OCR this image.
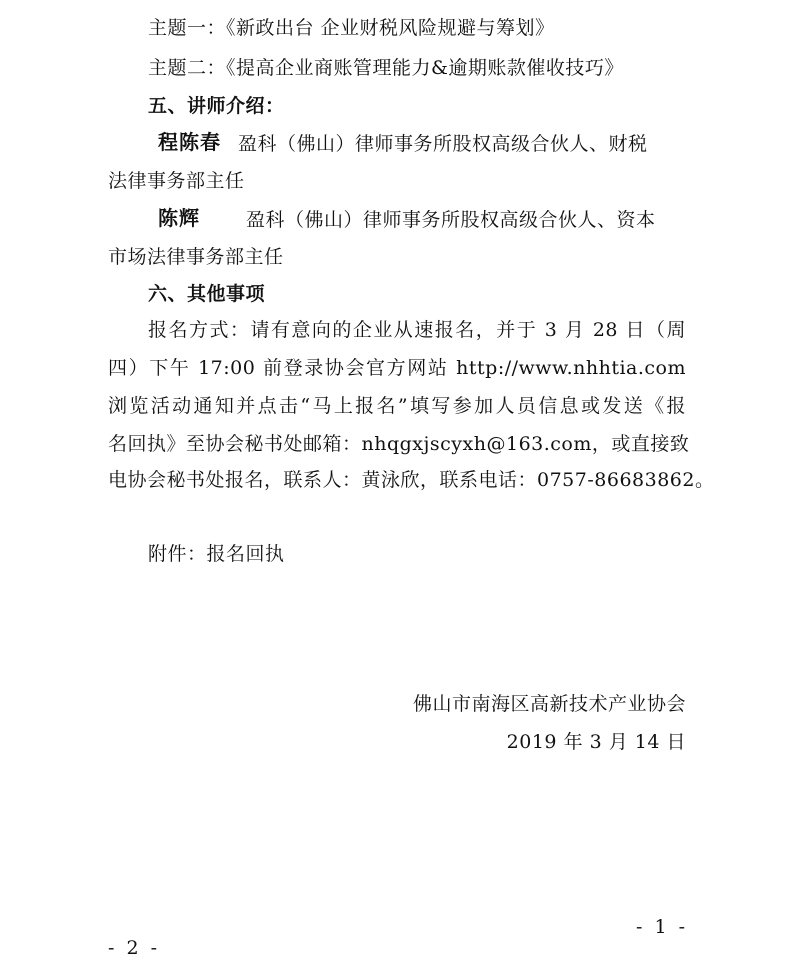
主题一：《新政出台 企业财税风险规避与筹划》
主题二：《提高企业商账管理能力&逾期账款催收技巧》
五、讲师介绍：
程陈春 盈科（佛山）律师事务所股权高级合伙人、财税
法律事务部主任
陈辉 盈科（佛山）律师事务所股权高级合伙人、资本
市场法律事务部主任
六、其他事项
报名方式：请有意向的企业从速报名，并于 3 月 28 日（周
四）下午 17:00 前登录协会官方网站 http://www.nhhtia.com
浏览活动通知并点击“马上报名”填写参加人员信息或发送《报
名回执》至协会秘书处邮箱：nhqgxjscyxh@163.com，或直接致
电协会秘书处报名，联系人：黄泳欣，联系电话：0757-86683862。
附件：报名回执
佛山市南海区高新技术产业协会
2019 年 3 月 14 日
- 1 -
- 2 -
